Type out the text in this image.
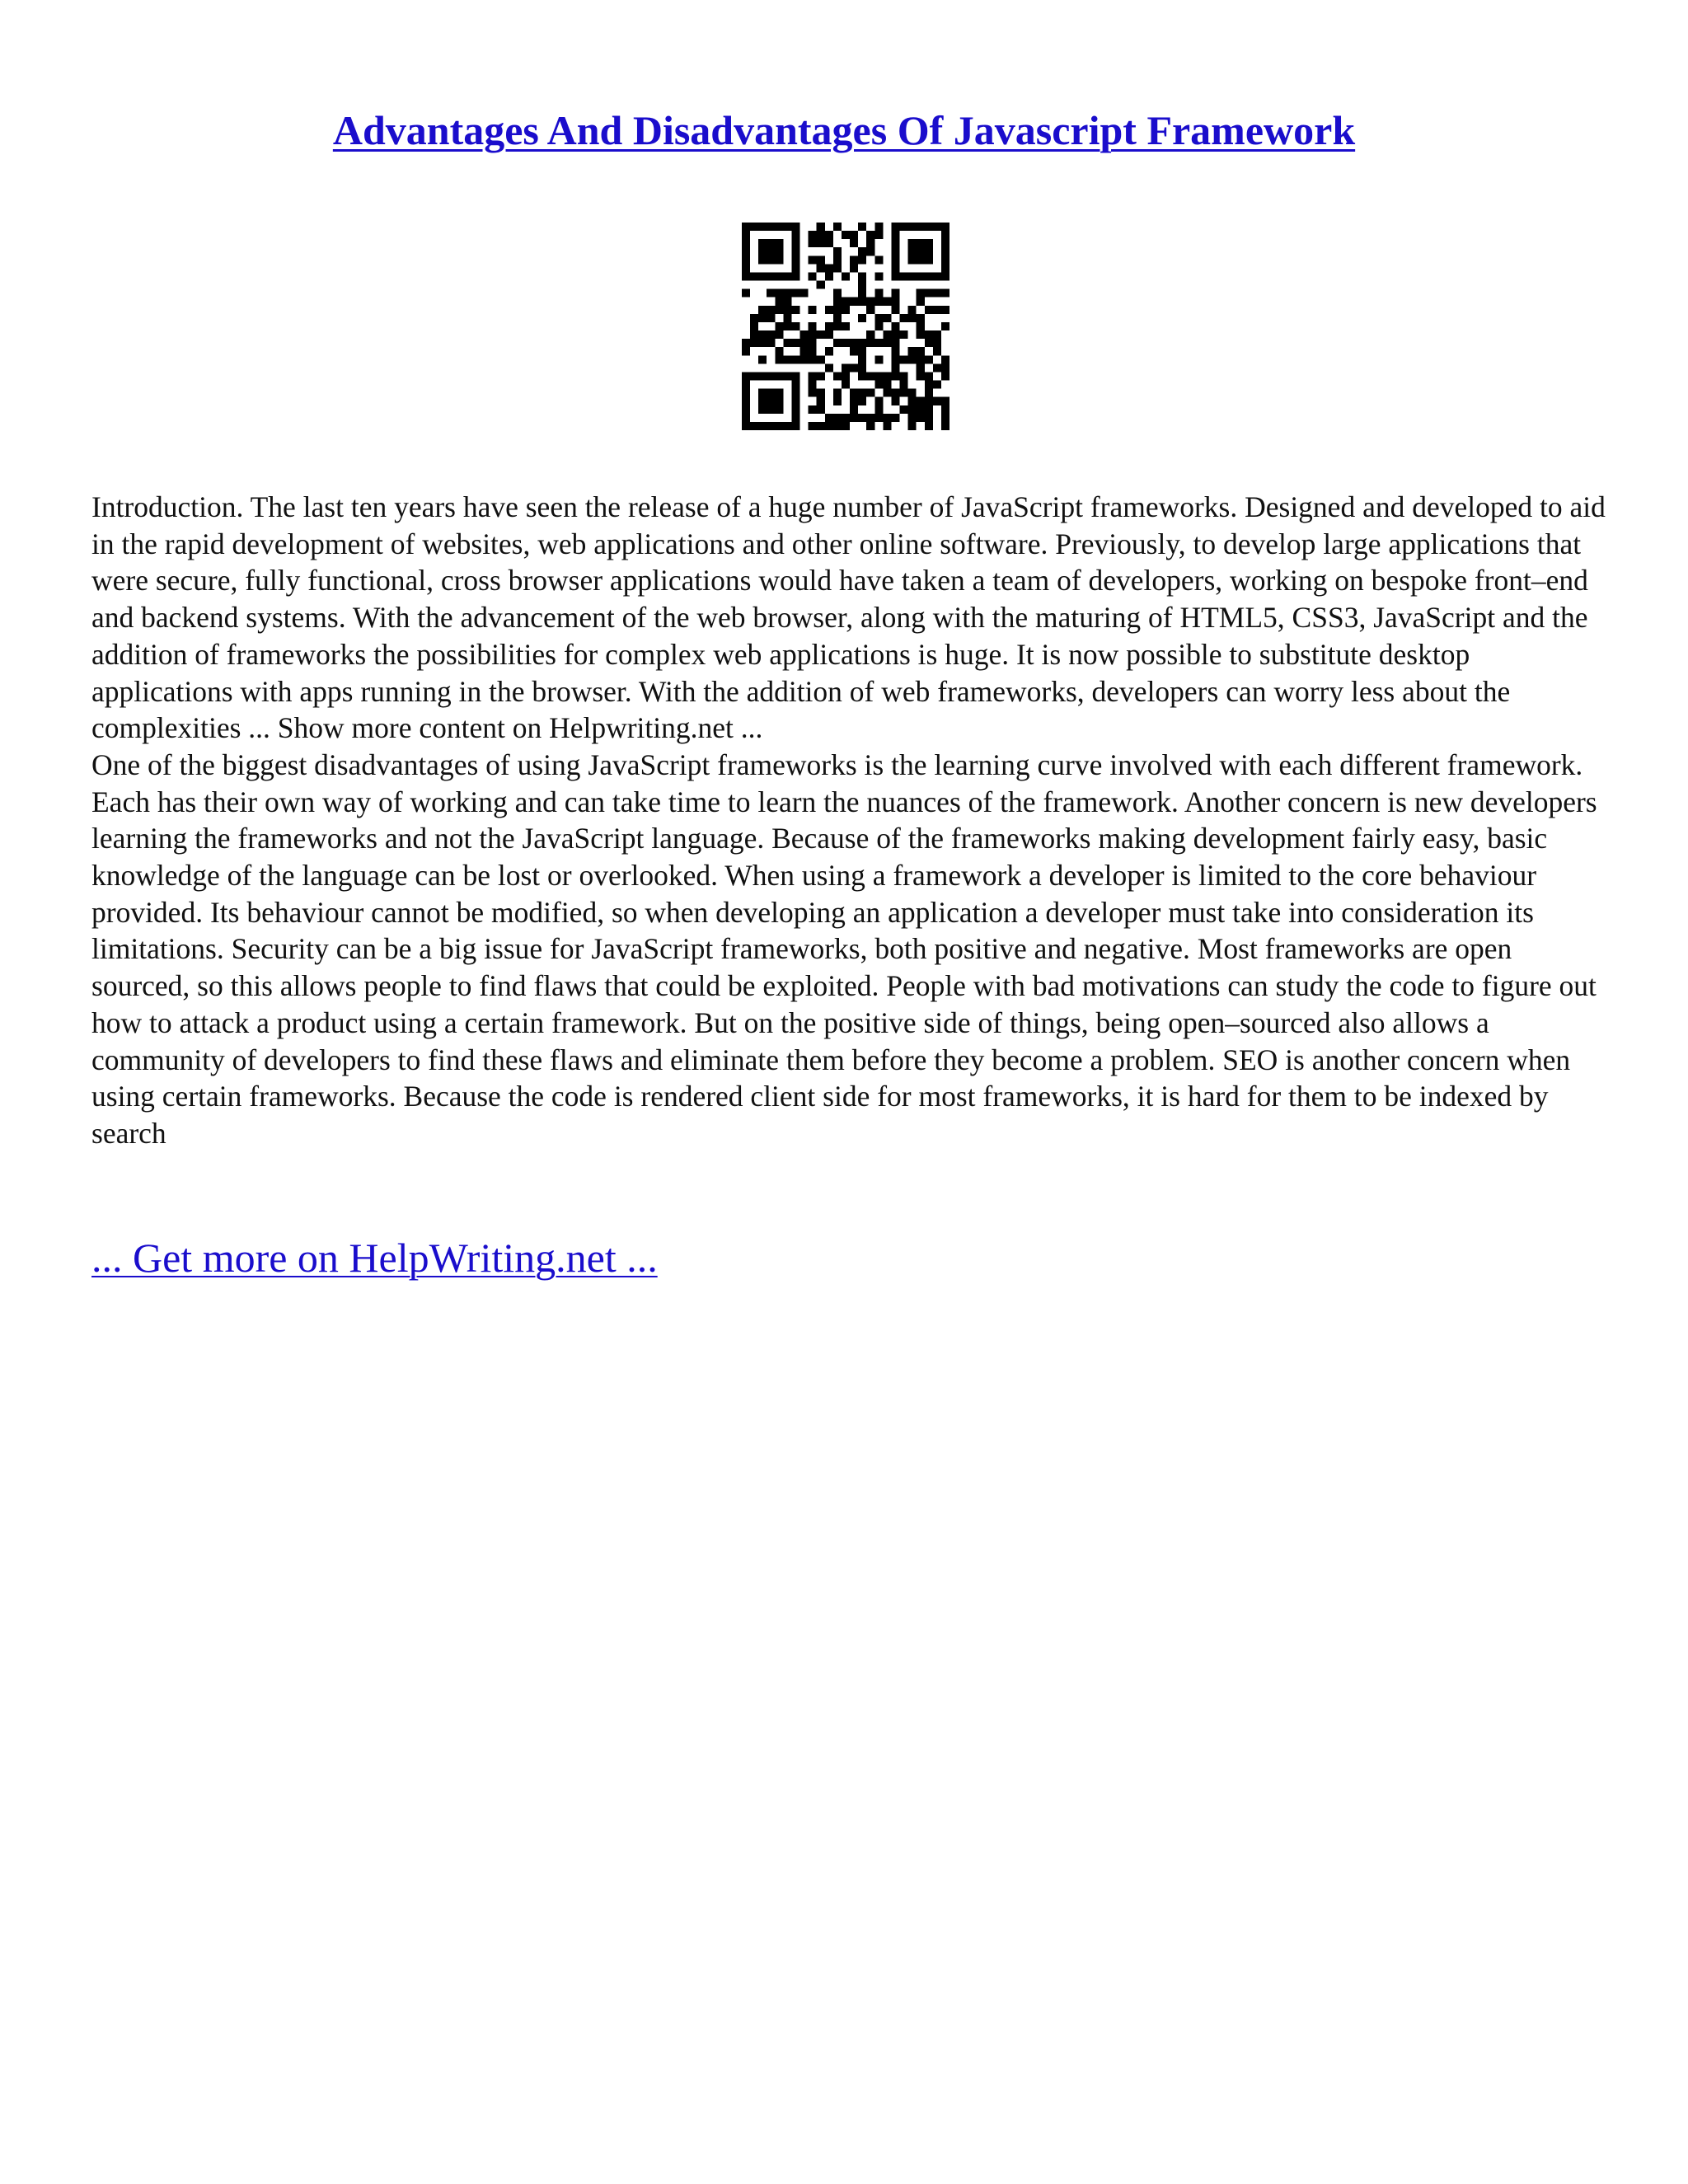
Advantages And Disadvantages Of Javascript Framework

Introduction. The last ten years have seen the release of a huge number of JavaScript frameworks. Designed and developed to aid in the rapid development of websites, web applications and other online software. Previously, to develop large applications that were secure, fully functional, cross browser applications would have taken a team of developers, working on bespoke front–end and backend systems. With the advancement of the web browser, along with the maturing of HTML5, CSS3, JavaScript and the addition of frameworks the possibilities for complex web applications is huge. It is now possible to substitute desktop applications with apps running in the browser. With the addition of web frameworks, developers can worry less about the complexities ... Show more content on Helpwriting.net ...

One of the biggest disadvantages of using JavaScript frameworks is the learning curve involved with each different framework. Each has their own way of working and can take time to learn the nuances of the framework. Another concern is new developers learning the frameworks and not the JavaScript language. Because of the frameworks making development fairly easy, basic knowledge of the language can be lost or overlooked. When using a framework a developer is limited to the core behaviour provided. Its behaviour cannot be modified, so when developing an application a developer must take into consideration its limitations. Security can be a big issue for JavaScript frameworks, both positive and negative. Most frameworks are open sourced, so this allows people to find flaws that could be exploited. People with bad motivations can study the code to figure out how to attack a product using a certain framework. But on the positive side of things, being open–sourced also allows a community of developers to find these flaws and eliminate them before they become a problem. SEO is another concern when using certain frameworks. Because the code is rendered client side for most frameworks, it is hard for them to be indexed by search

... Get more on HelpWriting.net ...
